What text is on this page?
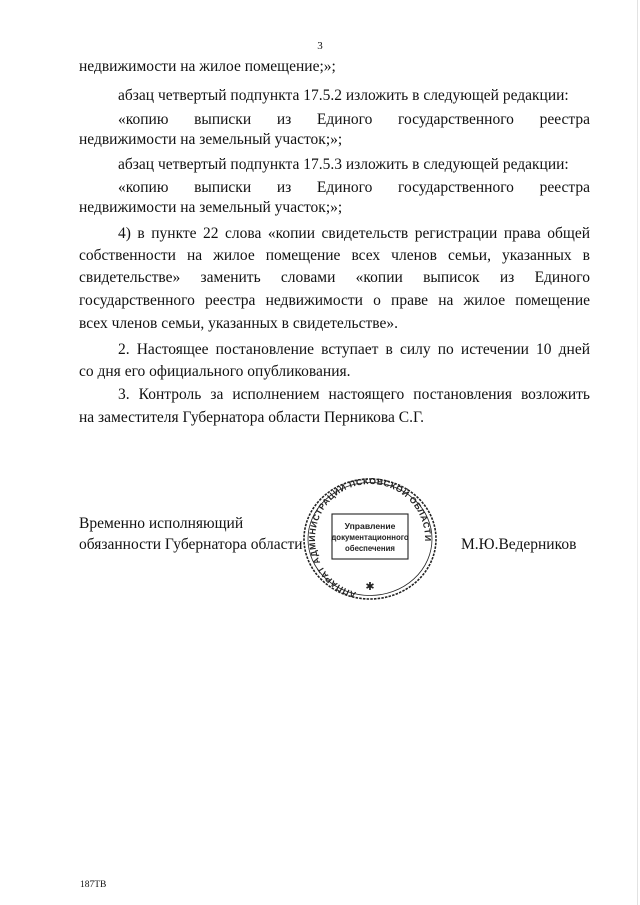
3
недвижимости на жилое помещение;»;
абзац четвертый подпункта 17.5.2 изложить в следующей редакции:
«копию выписки из Единого государственного реестра
недвижимости на земельный участок;»;
абзац четвертый подпункта 17.5.3 изложить в следующей редакции:
«копию выписки из Единого государственного реестра
недвижимости на земельный участок;»;
4) в пункте 22 слова «копии свидетельств регистрации права общей
собственности на жилое помещение всех членов семьи, указанных в
свидетельстве» заменить словами «копии выписок из Единого
государственного реестра недвижимости о праве на жилое помещение
всех членов семьи, указанных в свидетельстве».
2. Настоящее постановление вступает в силу по истечении 10 дней
со дня его официального опубликования.
3. Контроль за исполнением настоящего постановления возложить
на заместителя Губернатора области Перникова С.Г.
Временно исполняющий
обязанности Губернатора области
АППАРАТ АДМИНИСТРАЦИИ ПСКОВСКОЙ ОБЛАСТИ
Управление
документационного
обеспечения
✱
М.Ю.Ведерников
187ТВ
